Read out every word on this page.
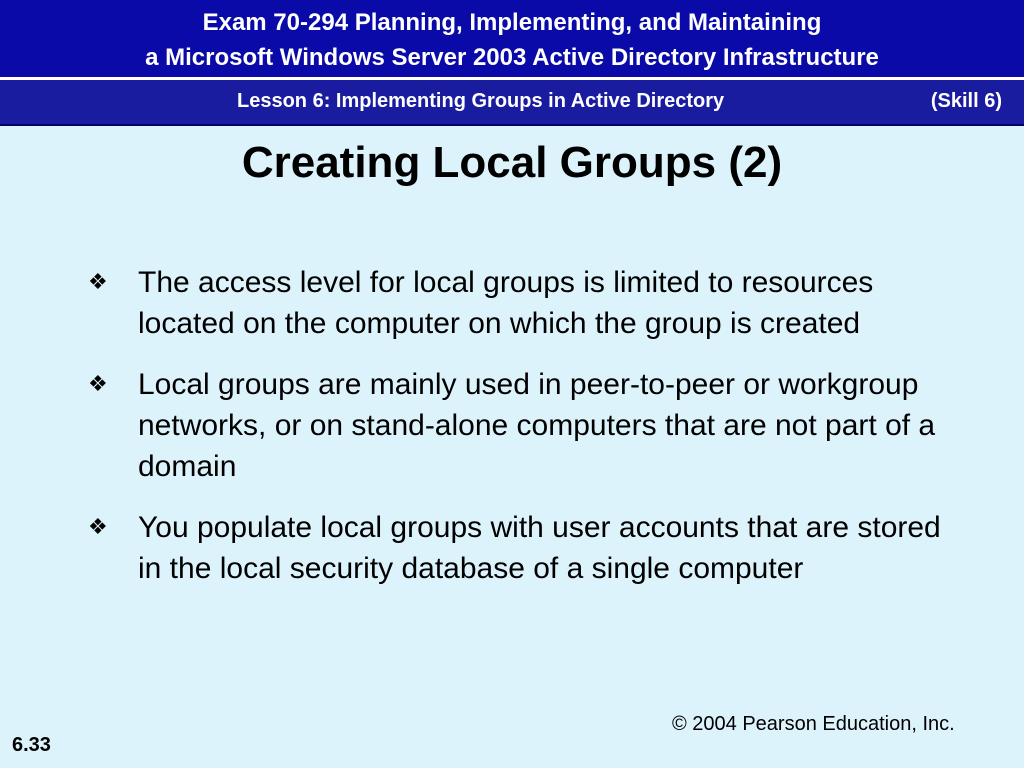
Exam 70-294 Planning, Implementing, and Maintaining
a Microsoft Windows Server 2003 Active Directory Infrastructure
Lesson 6: Implementing Groups in Active Directory	(Skill 6)
Creating Local Groups (2)
❖ The access level for local groups is limited to resources located on the computer on which the group is created
❖ Local groups are mainly used in peer-to-peer or workgroup networks, or on stand-alone computers that are not part of a domain
❖ You populate local groups with user accounts that are stored in the local security database of a single computer
© 2004 Pearson Education, Inc.
6.33
